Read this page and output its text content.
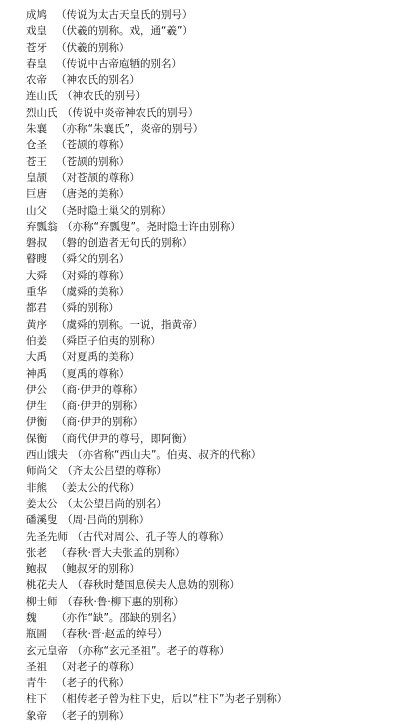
成鸠 （传说为太古天皇氏的别号）
戏皇 （伏羲的别称。戏，通“羲”）
苍牙 （伏羲的别称）
春皇 （传说中古帝庖牺的别名）
农帝 （神农氏的别名）
连山氏 （神农氏的别号）
烈山氏 （传说中炎帝神农氏的别号）
朱襄 （亦称“朱襄氏”，炎帝的别号）
仓圣 （苍颉的尊称）
苍王 （苍颉的别称）
皇颉 （对苍颉的尊称）
巨唐 （唐尧的美称）
山父 （尧时隐士巢父的别称）
弃瓢翁 （亦称“弃瓢叟”。尧时隐士许由别称）
磐叔 （磐的创造者无句氏的别称）
瞽瞍 （舜父的别名）
大舜 （对舜的尊称）
重华 （虞舜的美称）
都君 （舜的别称）
黄序 （虞舜的别称。一说，指黄帝）
伯姜 （舜臣子伯夷的别称）
大禹 （对夏禹的美称）
神禹 （夏禹的尊称）
伊公 （商·伊尹的尊称）
伊生 （商·伊尹的别称）
伊衡 （商·伊尹的别称）
保衡 （商代伊尹的尊号，即阿衡）
西山饿夫 （亦省称“西山夫”。伯夷、叔齐的代称）
师尚父 （齐太公吕望的尊称）
非熊 （姜太公的代称）
姜太公 （太公望吕尚的别名）
磻溪叟 （周·吕尚的别称）
先圣先师 （古代对周公、孔子等人的尊称）
张老 （春秋·晋大夫张孟的别称）
鲍叔 （鲍叔牙的别称）
桃花夫人 （春秋时楚国息侯夫人息妫的别称）
柳士师 （春秋·鲁·柳下惠的别称）
魏	（亦作“缺”。邵缺的别名）
瓶圄 （春秋·晋·赵孟的绰号）
玄元皇帝 （亦称“玄元圣祖”。老子的尊称）
圣祖 （对老子的尊称）
青牛 （老子的代称）
柱下 （相传老子曾为柱下史，后以“柱下”为老子别称）
象帝 （老子的别称）
